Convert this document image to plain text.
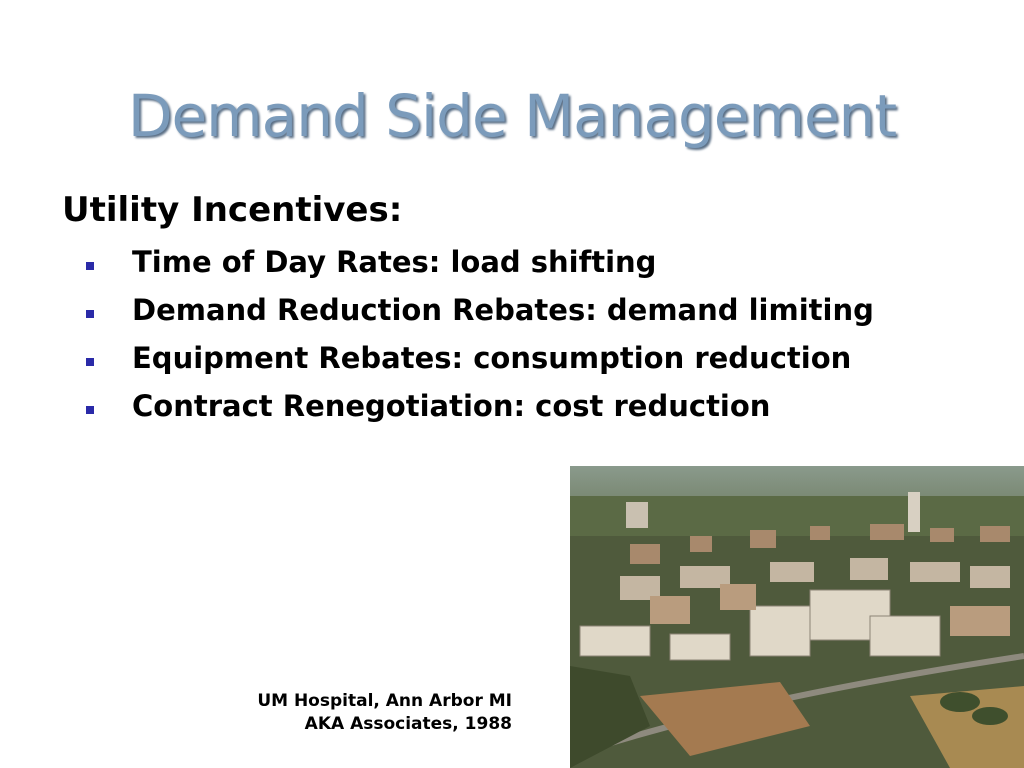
Demand Side Management
Utility Incentives:
Time of Day Rates: load shifting
Demand Reduction Rebates: demand limiting
Equipment Rebates: consumption reduction
Contract Renegotiation: cost reduction
UM Hospital, Ann Arbor MI
AKA Associates, 1988
